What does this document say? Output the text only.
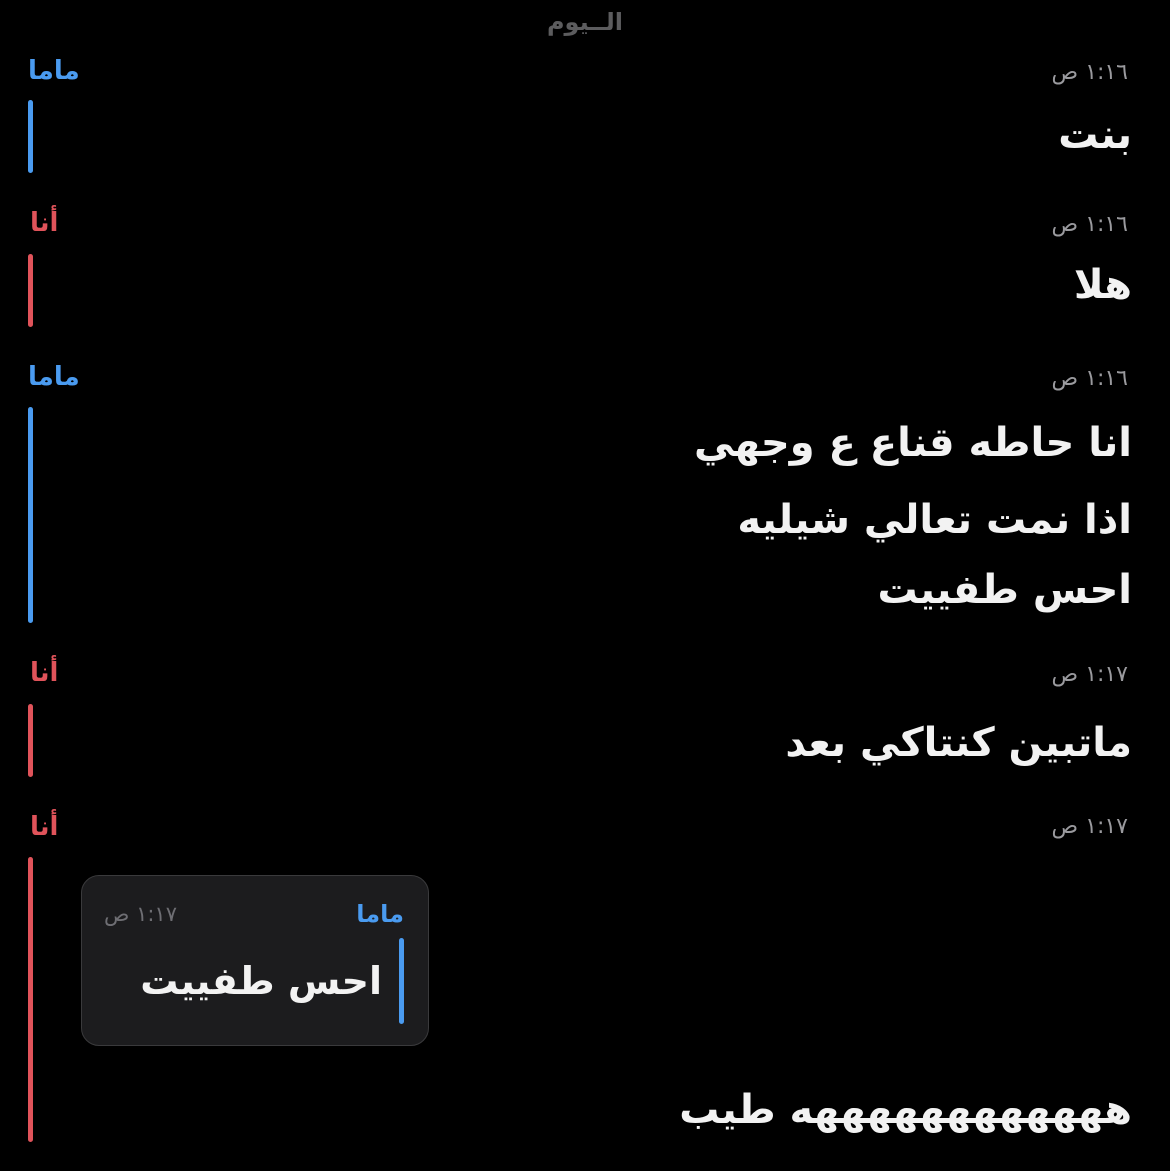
الــيوم
ماما	١:١٦ ص
بنت
أنا	١:١٦ ص
هلا
ماما	١:١٦ ص
انا حاطه قناع ع وجهي
اذا نمت تعالي شيليه
احس طفييت
أنا	١:١٧ ص
ماتبين كنتاكي بعد
أنا	١:١٧ ص
ماما
١:١٧ ص
احس طفييت
ههههههههههههه طيب
